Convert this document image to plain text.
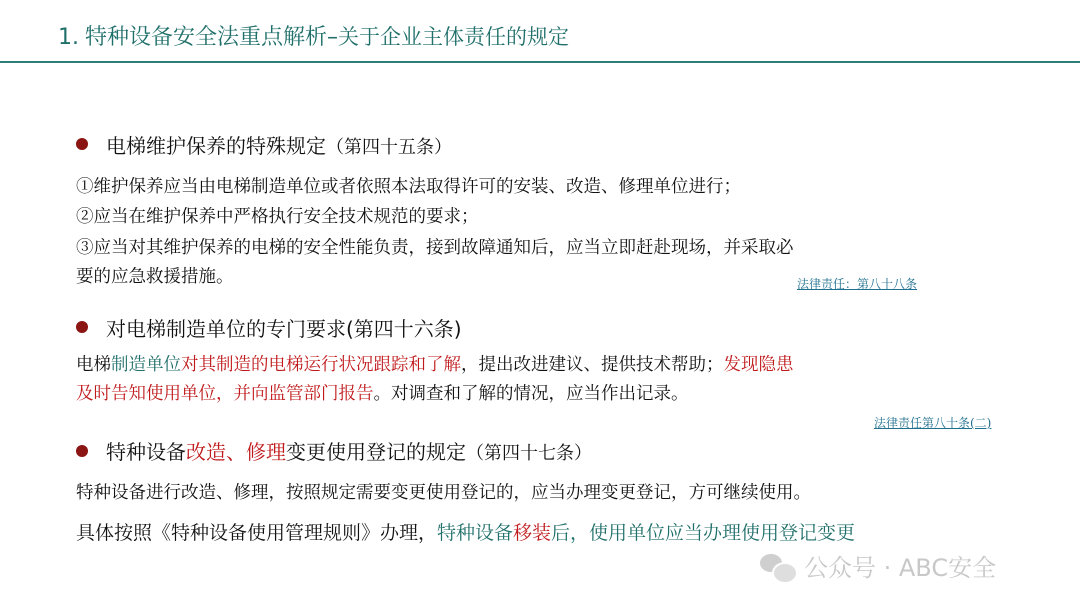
1. 特种设备安全法重点解析 – 关于企业主体责任的规定
电梯维护保养的特殊规定（第四十五条）
①维护保养应当由电梯制造单位或者依照本法取得许可的安装、改造、修理单位进行；
②应当在维护保养中严格执行安全技术规范的要求；
③应当对其维护保养的电梯的安全性能负责，接到故障通知后，应当立即赶赴现场，并采取必
要的应急救援措施。	法律责任：第八十八条
对电梯制造单位的专门要求(第四十六条)
电梯制造单位对其制造的电梯运行状况跟踪和了解，提出改进建议、提供技术帮助；发现隐患
及时告知使用单位，并向监管部门报告。对调查和了解的情况，应当作出记录。
法律责任第八十条(二)
特种设备改造、修理变更使用登记的规定（第四十七条）
特种设备进行改造、修理，按照规定需要变更使用登记的，应当办理变更登记，方可继续使用。
具体按照《特种设备使用管理规则》办理，特种设备移装后，使用单位应当办理使用登记变更
公众号 · ABC安全
